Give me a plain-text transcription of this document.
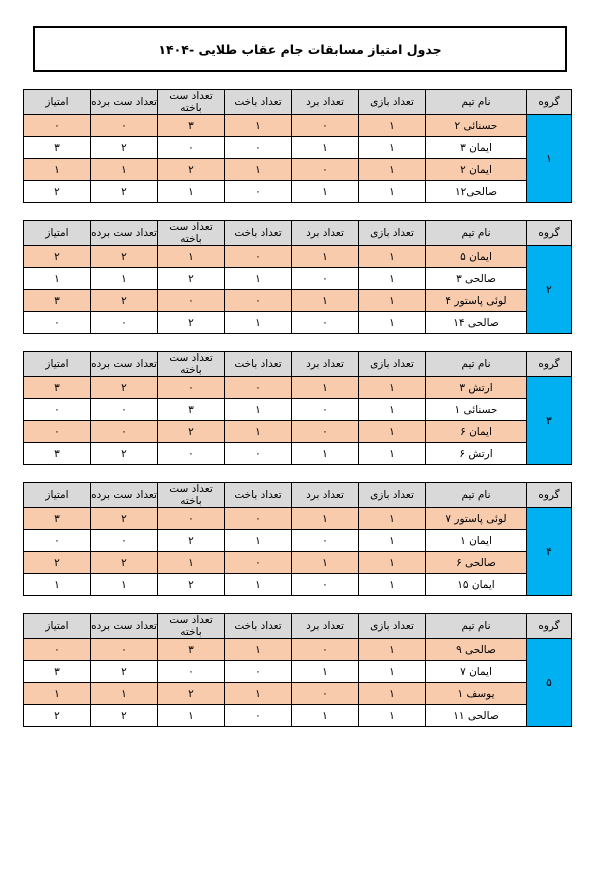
جدول امتیاز مسابقات جام عقاب طلایی -۱۴۰۴
گروه	نام تیم	تعداد بازی	تعداد برد	تعداد باخت	تعداد ست باخته	تعداد ست برده	امتیاز
۱	حسنائی ۲	۱	٠	۱	۳	٠	٠
	ایمان ۳	۱	۱	٠	٠	۲	۳
	ایمان ۲	۱	٠	۱	۲	۱	۱
	صالحی۱۲	۱	۱	٠	۱	۲	۲
گروه	نام تیم	تعداد بازی	تعداد برد	تعداد باخت	تعداد ست باخته	تعداد ست برده	امتیاز
۲	ایمان ۵	۱	۱	٠	۱	۲	۲
	صالحی ۳	۱	٠	۱	۲	۱	۱
	لوئی پاستور ۴	۱	۱	٠	٠	۲	۳
	صالحی ۱۴	۱	٠	۱	۲	٠	٠
گروه	نام تیم	تعداد بازی	تعداد برد	تعداد باخت	تعداد ست باخته	تعداد ست برده	امتیاز
۳	ارتش ۳	۱	۱	٠	٠	۲	۳
	حسنائی ۱	۱	٠	۱	۳	٠	٠
	ایمان ۶	۱	٠	۱	۲	٠	٠
	ارتش ۶	۱	۱	٠	٠	۲	۳
گروه	نام تیم	تعداد بازی	تعداد برد	تعداد باخت	تعداد ست باخته	تعداد ست برده	امتیاز
۴	لوئی پاستور ۷	۱	۱	٠	٠	۲	۳
	ایمان ۱	۱	٠	۱	۲	٠	٠
	صالحی ۶	۱	۱	٠	۱	۲	۲
	ایمان ۱۵	۱	٠	۱	۲	۱	۱
گروه	نام تیم	تعداد بازی	تعداد برد	تعداد باخت	تعداد ست باخته	تعداد ست برده	امتیاز
۵	صالحی ۹	۱	٠	۱	۳	٠	٠
	ایمان ۷	۱	۱	٠	٠	۲	۳
	یوسف ۱	۱	٠	۱	۲	۱	۱
	صالحی ۱۱	۱	۱	٠	۱	۲	۲
